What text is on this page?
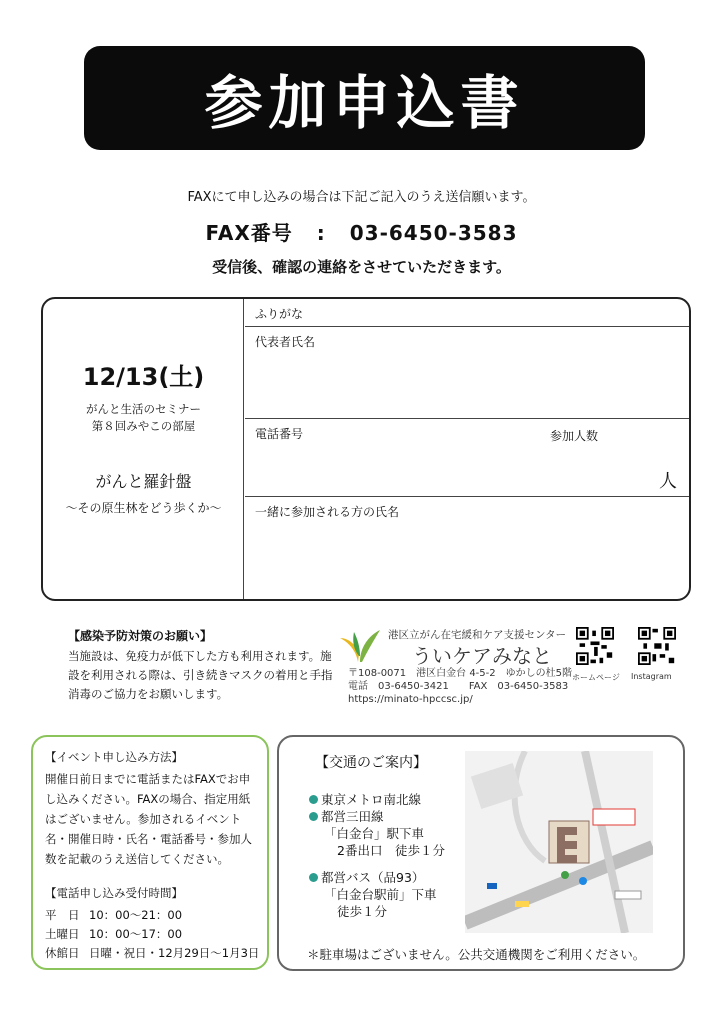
参加申込書
FAXにて申し込みの場合は下記ご記入のうえ送信願います。
FAX番号 : 03-6450-3583
受信後、確認の連絡をさせていただきます。
12/13(土)
がんと生活のセミナー
第８回みやこの部屋
がんと羅針盤
～その原生林をどう歩くか～
ふりがな
代表者氏名
電話番号	参加人数
人
一緒に参加される方の氏名
【感染予防対策のお願い】
当施設は、免疫力が低下した方も利用されます。施設を利用される際は、引き続きマスクの着用と手指消毒のご協力をお願いします。
港区立がん在宅緩和ケア支援センター
ういケアみなと
〒108-0071　港区白金台 4-5-2　ゆかしの杜5階
電話　03-6450-3421　　FAX　03-6450-3583
https://minato-hpccsc.jp/
ホームページ Instagram
【イベント申し込み方法】
開催日前日までに電話またはFAXでお申し込みください。FAXの場合、指定用紙はございません。参加されるイベント名・開催日時・氏名・電話番号・参加人数を記載のうえ送信してください。
【電話申し込み受付時間】
平　日 10：00～21：00
土曜日 10：00～17：00
休館日 日曜・祝日・12月29日～1月3日
【交通のご案内】
東京メトロ南北線
都営三田線
「白金台」駅下車
2番出口　徒歩１分
都営バス（品93）
「白金台駅前」下車
徒歩１分
＊駐車場はございません。公共交通機関をご利用ください。
